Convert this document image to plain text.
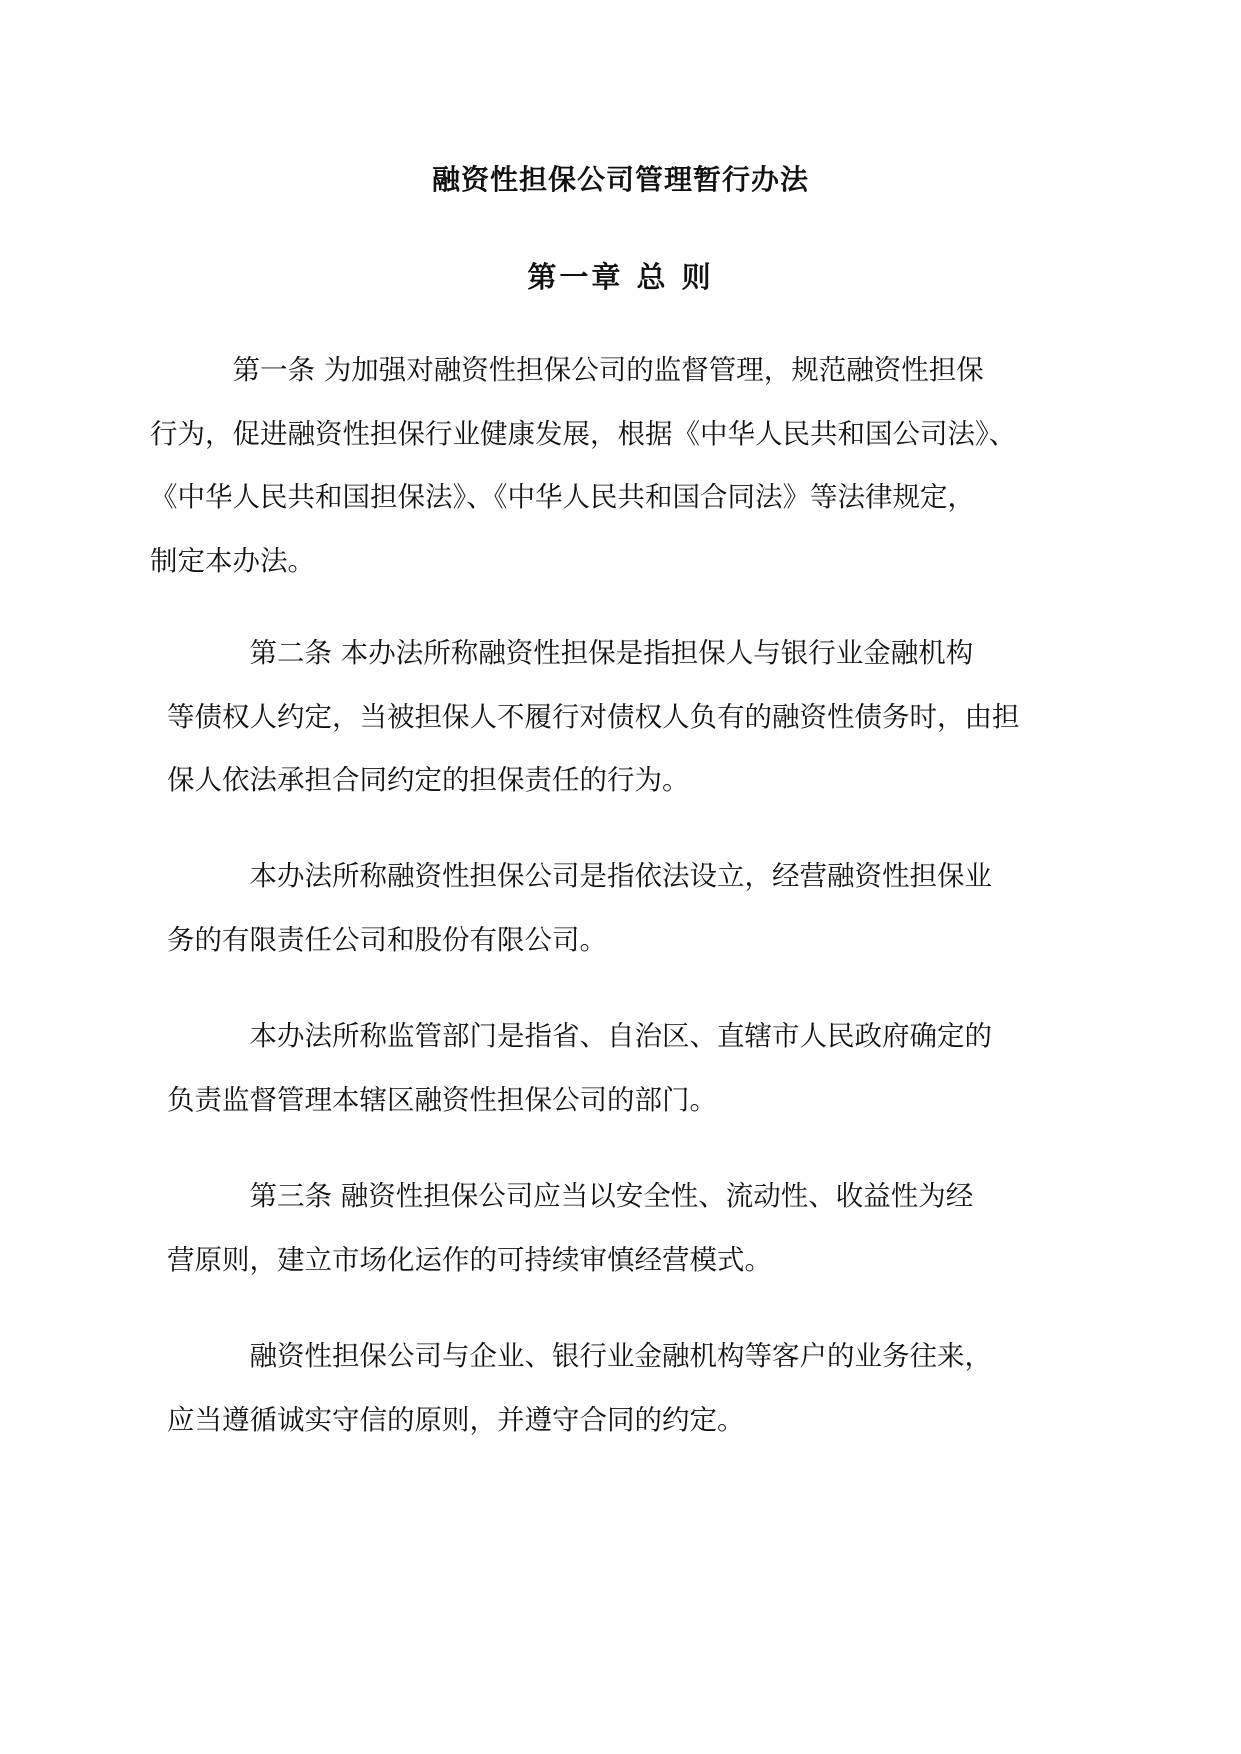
融资性担保公司管理暂行办法
第一章 总 则
　　　第一条 为加强对融资性担保公司的监督管理，规范融资性担保
行为，促进融资性担保行业健康发展，根据《中华人民共和国公司法》、
《中华人民共和国担保法》、《中华人民共和国合同法》等法律规定，
制定本办法。
　　　第二条 本办法所称融资性担保是指担保人与银行业金融机构
等债权人约定，当被担保人不履行对债权人负有的融资性债务时，由担
保人依法承担合同约定的担保责任的行为。
　　　本办法所称融资性担保公司是指依法设立，经营融资性担保业
务的有限责任公司和股份有限公司。
　　　本办法所称监管部门是指省、自治区、直辖市人民政府确定的
负责监督管理本辖区融资性担保公司的部门。
　　　第三条 融资性担保公司应当以安全性、流动性、收益性为经
营原则，建立市场化运作的可持续审慎经营模式。
　　　融资性担保公司与企业、银行业金融机构等客户的业务往来，
应当遵循诚实守信的原则，并遵守合同的约定。
